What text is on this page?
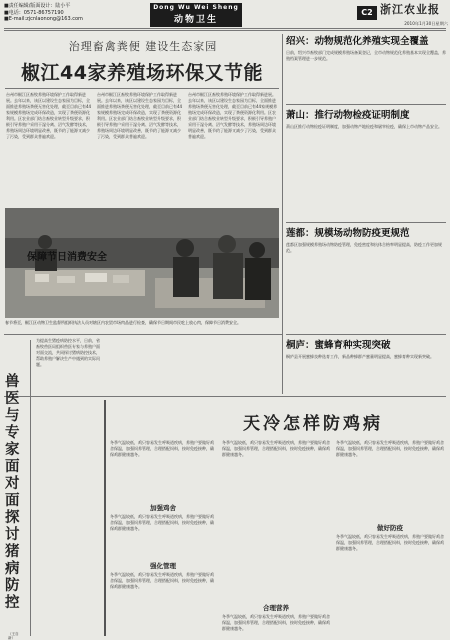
■责任编辑/版面设计：陆小平
■电话：0571-86757190
■E-mail:zjcnlaonong@163.com
Dong Wu Wei Sheng
动物卫生
C2 浙江农业报
2010年1月30日星期六
治理畜禽粪便 建设生态家园
椒江44家养殖场环保又节能
台州市椒江区畜牧养殖环境保护工作取得新进展。去年以来，该区以建设生态家园为目标，全面推进养殖场粪便无害化处理，截至目前已有44家规模养殖场完成环保改造，实现了粪便资源化利用。区农业部门结合畜牧业转型升级要求，积极引导养殖户采用干湿分离、沼气发酵等技术，养殖场周边环境明显改善，既节约了能源又减少了污染，受到群众普遍欢迎。
台州市椒江区畜牧养殖环境保护工作取得新进展。去年以来，该区以建设生态家园为目标，全面推进养殖场粪便无害化处理，截至目前已有44家规模养殖场完成环保改造，实现了粪便资源化利用。区农业部门结合畜牧业转型升级要求，积极引导养殖户采用干湿分离、沼气发酵等技术，养殖场周边环境明显改善，既节约了能源又减少了污染，受到群众普遍欢迎。
台州市椒江区畜牧养殖环境保护工作取得新进展。去年以来，该区以建设生态家园为目标，全面推进养殖场粪便无害化处理，截至目前已有44家规模养殖场完成环保改造，实现了粪便资源化利用。区农业部门结合畜牧业转型升级要求，积极引导养殖户采用干湿分离、沼气发酵等技术，养殖场周边环境明显改善，既节约了能源又减少了污染，受到群众普遍欢迎。
保障节日消费安全
春节将至，椒江区动物卫生监督所组织执法人员对辖区内农贸市场肉品进行检查，确保节日期间市民吃上放心肉，保障节日消费安全。
绍兴：动物规范化养殖实现全覆盖
日前，绍兴市畜牧部门完成规模养殖场备案登记，全市动物规范化养殖基本实现全覆盖，养殖档案管理进一步规范。
萧山：推行动物检疫证明制度
萧山区推行动物检疫证明制度，加强动物产地检疫和屠宰检疫，确保上市动物产品安全。
莲都：规模场动物防疫更规范
莲都区加强规模养殖场动物防疫管理，免疫密度和抗体合格率明显提高，防疫工作更加规范。
桐庐：蜜蜂育种实现突破
桐庐县开展蜜蜂良种选育工作，新品种蜂群产蜜量明显提高，蜜蜂育种实现新突破。
兽医与专家面对面探讨猪病防控
为提高生猪疫病防控水平，日前，省畜牧兽医局组织兽医专家与养殖户面对面交流，共同探讨猪病防控技术，帮助养殖户解决生产中遇到的实际问题。
（王自新）
天冷怎样防鸡病
冬季气温较低，鸡只容易发生呼吸道疾病，养殖户要做好鸡舍保温，加强饲养管理，合理搭配饲料，按时免疫接种，确保鸡群健康越冬。
加强鸡舍
冬季气温较低，鸡只容易发生呼吸道疾病，养殖户要做好鸡舍保温，加强饲养管理，合理搭配饲料，按时免疫接种，确保鸡群健康越冬。
强化管理
冬季气温较低，鸡只容易发生呼吸道疾病，养殖户要做好鸡舍保温，加强饲养管理，合理搭配饲料，按时免疫接种，确保鸡群健康越冬。
冬季气温较低，鸡只容易发生呼吸道疾病，养殖户要做好鸡舍保温，加强饲养管理，合理搭配饲料，按时免疫接种，确保鸡群健康越冬。
合理营养
冬季气温较低，鸡只容易发生呼吸道疾病，养殖户要做好鸡舍保温，加强饲养管理，合理搭配饲料，按时免疫接种，确保鸡群健康越冬。
冬季气温较低，鸡只容易发生呼吸道疾病，养殖户要做好鸡舍保温，加强饲养管理，合理搭配饲料，按时免疫接种，确保鸡群健康越冬。
做好防疫
冬季气温较低，鸡只容易发生呼吸道疾病，养殖户要做好鸡舍保温，加强饲养管理，合理搭配饲料，按时免疫接种，确保鸡群健康越冬。
